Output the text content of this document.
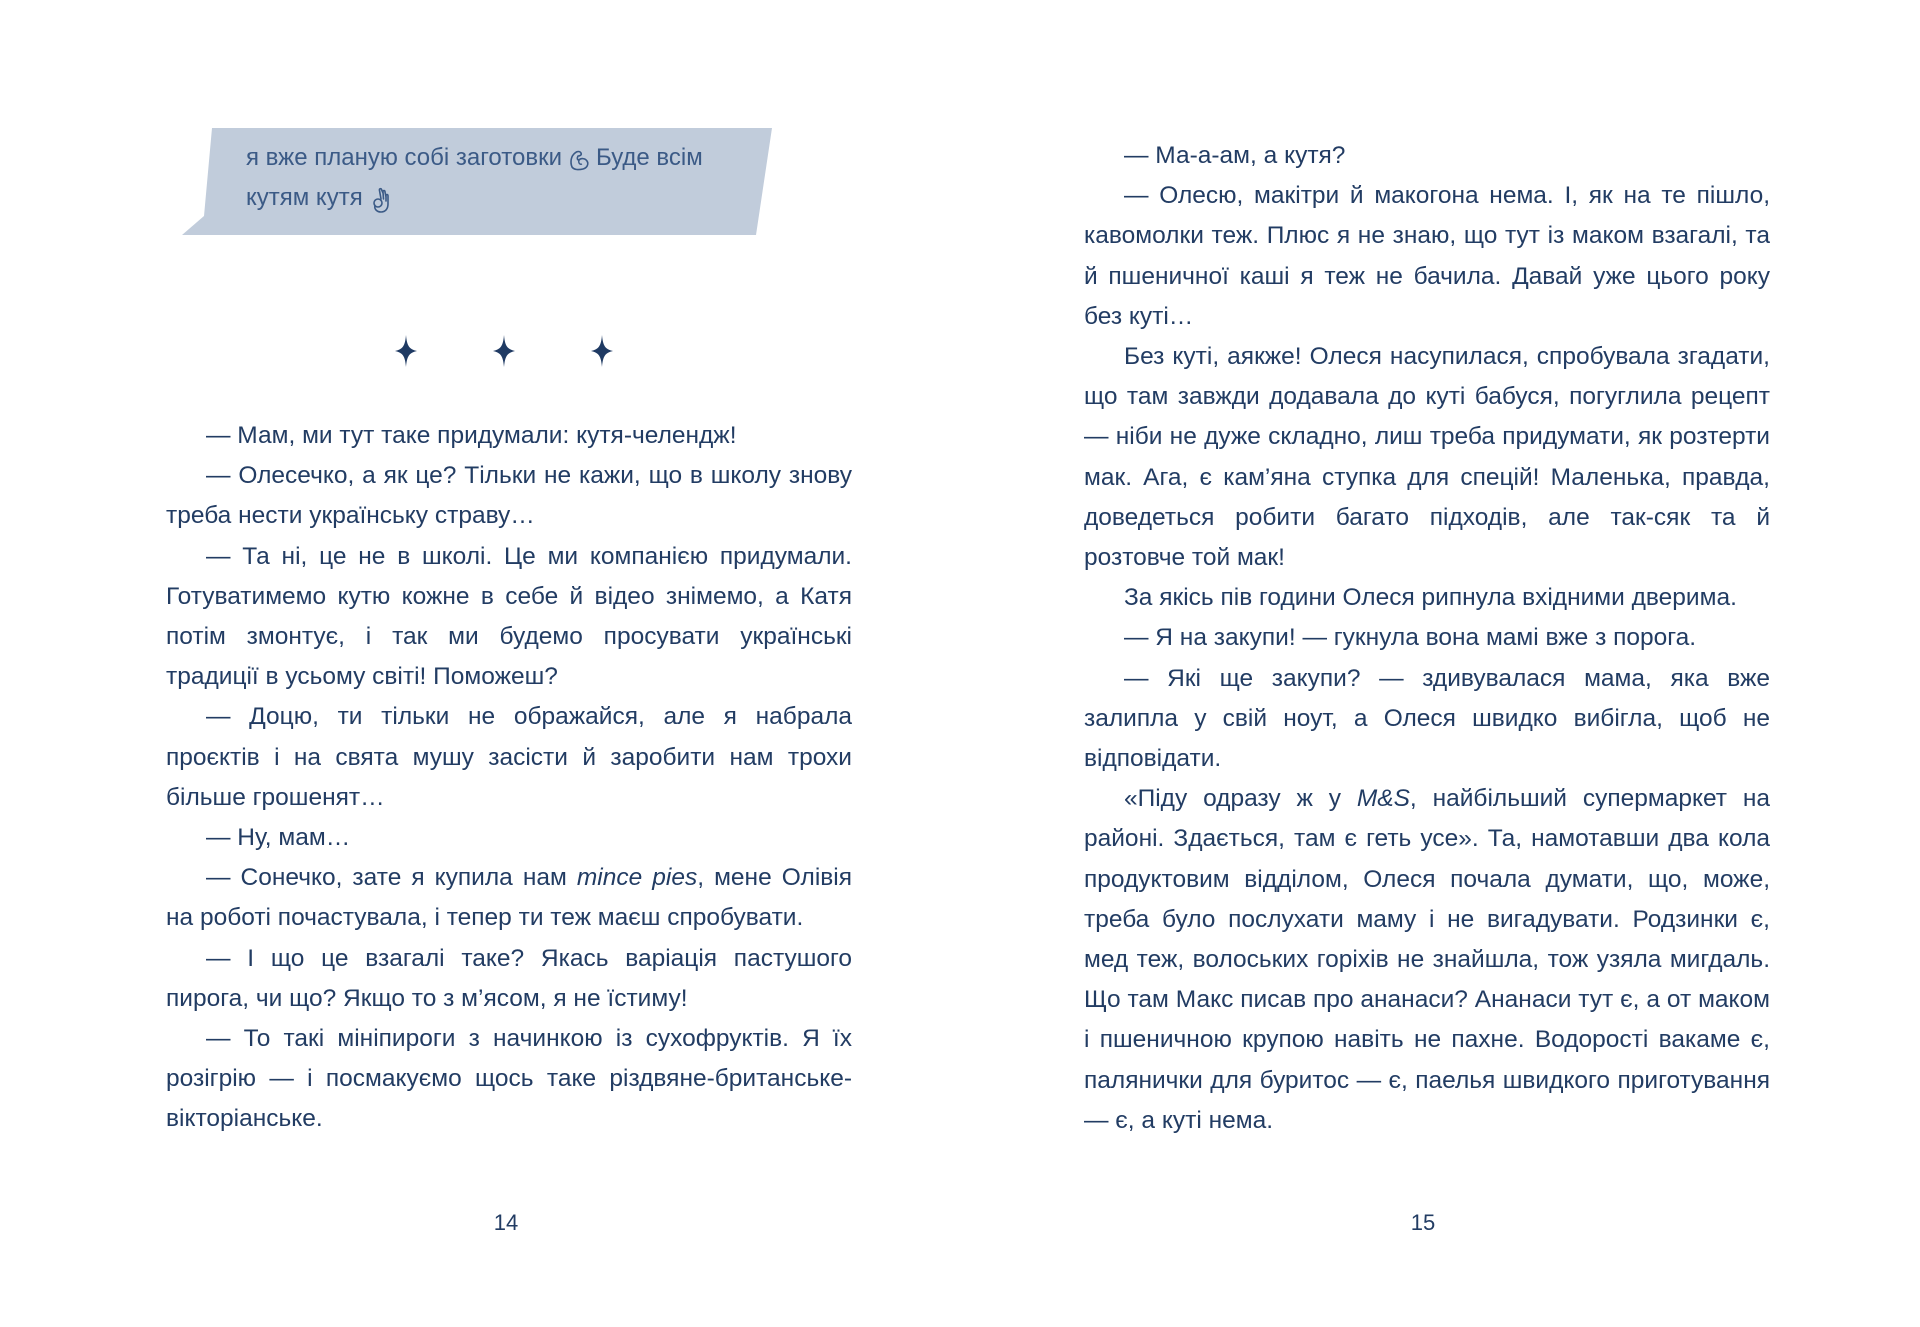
я вже планую собі заготовки Буде всім
кутям кутя

— Мам, ми тут таке придумали: кутя-челендж!

— Олесечко, а як це? Тільки не кажи, що в школу знову треба нести українську страву…

— Та ні, це не в школі. Це ми компанією придумали. Готуватимемо кутю кожне в себе й відео знімемо, а Катя потім змонтує, і так ми будемо просувати українські традиції в усьому світі! Поможеш?

— Доцю, ти тільки не ображайся, але я набрала проєктів і на свята мушу засісти й заробити нам трохи більше грошенят…

— Ну, мам…

— Сонечко, зате я купила нам mince pies, мене Олівія на роботі почастувала, і тепер ти теж маєш спробувати.

— І що це взагалі таке? Якась варіація пастушого пирога, чи що? Якщо то з м’ясом, я не їстиму!

— То такі мініпироги з начинкою із сухофруктів. Я їх розігрію — і посмакуємо щось таке різдвяне-британське-вікторіанське.

14

— Ма-а-ам, а кутя?

— Олесю, макітри й макогона нема. І, як на те пішло, кавомолки теж. Плюс я не знаю, що тут із маком взагалі, та й пшеничної каші я теж не бачила. Давай уже цього року без куті…

Без куті, аякже! Олеся насупилася, спробувала згадати, що там завжди додавала до куті бабуся, погуглила рецепт — ніби не дуже складно, лиш треба придумати, як розтерти мак. Ага, є кам’яна ступка для спецій! Маленька, правда, доведеться робити багато підходів, але так-сяк та й розтовче той мак!

За якісь пів години Олеся рипнула вхідними дверима.

— Я на закупи! — гукнула вона мамі вже з порога.

— Які ще закупи? — здивувалася мама, яка вже залипла у свій ноут, а Олеся швидко вибігла, щоб не відповідати.

«Піду одразу ж у M&S, найбільший супермаркет на районі. Здається, там є геть усе». Та, намотавши два кола продуктовим відділом, Олеся почала думати, що, може, треба було послухати маму і не вигадувати. Родзинки є, мед теж, волоських горіхів не знайшла, тож узяла мигдаль. Що там Макс писав про ананаси? Ананаси тут є, а от маком і пшеничною крупою навіть не пахне. Водорості вакаме є, палянички для буритос — є, паелья швидкого приготування — є, а куті нема.

15
